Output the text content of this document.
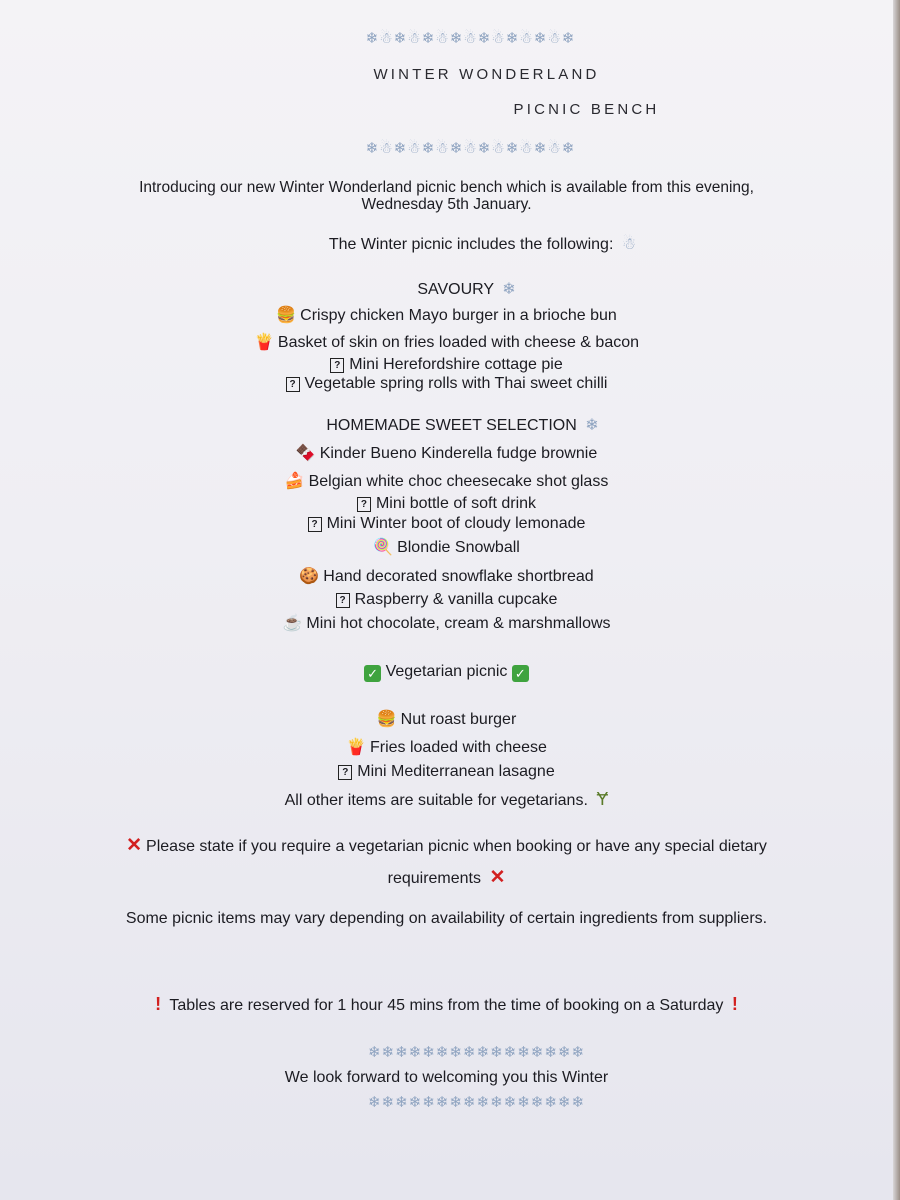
❄☃❄☃❄☃❄☃❄☃❄☃❄☃❄
WINTER WONDERLAND
PICNIC BENCH
❄☃❄☃❄☃❄☃❄☃❄☃❄☃❄
Introducing our new Winter Wonderland picnic bench which is available from this evening,
Wednesday 5th January.
The Winter picnic includes the following: ☃
SAVOURY ❄
🍔 Crispy chicken Mayo burger in a brioche bun
🍟 Basket of skin on fries loaded with cheese & bacon
? Mini Herefordshire cottage pie
? Vegetable spring rolls with Thai sweet chilli
HOMEMADE SWEET SELECTION ❄
🍫 Kinder Bueno Kinderella fudge brownie
🍰 Belgian white choc cheesecake shot glass
? Mini bottle of soft drink
? Mini Winter boot of cloudy lemonade
🍭 Blondie Snowball
🍪 Hand decorated snowflake shortbread
? Raspberry & vanilla cupcake
☕ Mini hot chocolate, cream & marshmallows
✓ Vegetarian picnic ✓
🍔 Nut roast burger
🍟 Fries loaded with cheese
? Mini Mediterranean lasagne
All other items are suitable for vegetarians. Ɏ
✕ Please state if you require a vegetarian picnic when booking or have any special dietary
requirements ✕
Some picnic items may vary depending on availability of certain ingredients from suppliers.
! Tables are reserved for 1 hour 45 mins from the time of booking on a Saturday !
❄❄❄❄❄❄❄❄❄❄❄❄❄❄❄❄
We look forward to welcoming you this Winter
❄❄❄❄❄❄❄❄❄❄❄❄❄❄❄❄
